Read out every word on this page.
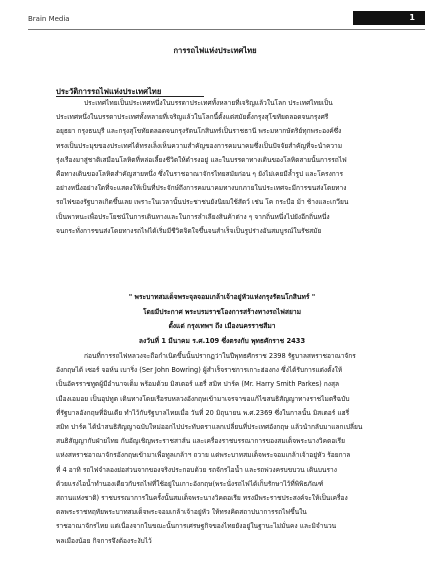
Brain Media	1
การรถไฟแห่งประเทศไทย
ประวัติการรถไฟแห่งประเทศไทย
ประเทศไทยเป็นประเทศหนึ่งในบรรดาประเทศทั้งหลายที่เจริญแล้วในโลก ประเทศไทยเป็น
ประเทศหนึ่งในบรรดาประเทศทั้งหลายที่เจริญแล้วในโลกนี้ตั้งแต่สมัยตั้งกรุงสุโขทัยตลอดจนกรุงศรี
อยุธยา กรุงธนบุรี และกรุงสุโขทัยตลอดจนกรุงรัตนโกสินทร์เป็นราชธานี พระมหากษัตริย์ทุกพระองค์ซึ่ง
ทรงเป็นประมุขของประเทศได้ทรงเล็งเห็นความสำคัญของการคมนาคมซึ่งเป็นปัจจัยสำคัญที่จะนำความ
รุ่งเรืองมาสู่ชาติเสมือนโลหิตที่หล่อเลี้ยงชีวิตให้ดำรงอยู่ และในบรรดาทางเดินของโลหิตสายนั้นการรถไฟ
คือทางเดินของโลหิตสำคัญสายหนึ่ง ซึ่งในราชอาณาจักรไทยสมัยก่อน ๆ ยังไม่เคยมีล้ำรูป และโครงการ
อย่างหนึ่งอย่างใดที่จะแสดงให้เป็นที่ประจักษ์ถึงการคมนาคมทางบกภายในประเทศจะมีการขนส่งโดยทาง
รถไฟของรัฐบาลเกิดขึ้นเลย เพราะในเวลานั้นประชาชนยังนิยมใช้สัตว์ เช่น โค กระบือ ม้า ช้างและเกวียน
เป็นพาหนะเพื่อประโยชน์ในการเดินทางและในการลำเลียงสินค้าต่าง ๆ จากถิ่นหนึ่งไปยังอีกถิ่นหนึ่ง
จนกระทั่งการขนส่งโดยทางรถไฟได้เริ่มมีชีวิตจิตใจขึ้นจนสำเร็จเป็นรูปร่างอันสมบูรณ์ในรัชสมัย
" พระบาทสมเด็จพระจุลจอมเกล้าเจ้าอยู่หัวแห่งกรุงรัตนโกสินทร์ "
โดยมีประกาศ พระบรมราชโองการสร้างทางรถไฟสยาม
ตั้งแต่ กรุงเทพฯ ถึง เมืองนครราชสีมา
ลงวันที่ 1 มีนาคม ร.ศ.109 ซึ่งตรงกับ พุทธศักราช 2433
ก่อนที่การรถไฟหลวงจะถือกำเนิดขึ้นนั้นปรากฏว่าในปีพุทธศักราช 2398 รัฐบาลสหราชอาณาจักร
อังกฤษได้ เซอร์ จอห์น เบาริ่ง (Ser John Bowring) ผู้สำเร็จราชการเกาะฮ่องกง ซึ่งได้รับการแต่งตั้งให้
เป็นอัครราชทูตผู้มีอำนาจเต็ม พร้อมด้วย มิสเตอร์ แฮรี่ สมิท ปาร์ค (Mr. Harry Smith Parkes) กงสุล
เมืองเอมอย เป็นอุปทูต เดินทางโดยเรือรบหลวงอังกฤษเข้ามาเจรจาขอแก้ไขสนธิสัญญาทางราชไมตรีฉบับ
ที่รัฐบาลอังกฤษที่อินเดีย ทำไว้กับรัฐบาลไทยเมื่อ วันที่ 20 มิถุนายน พ.ศ.2369 ซึ่งในกาลนั้น มิสเตอร์ แฮรี่
สมิท ปาร์ค ได้นำสนธิสัญญาฉบับใหม่ออกไปประทับตราแลกเปลี่ยนที่ประเทศอังกฤษ แล้วนำกลับมาแลกเปลี่ยน
สนธิสัญญากับฝ่ายไทย กับอัญเชิญพระราชสาส์น และเครื่องราชบรรณาการของสมเด็จพระนางวิคตอเรีย
แห่งสหราชอาณาจักรอังกฤษเข้ามาเพื่อทูลเกล้าฯ ถวาย แด่พระบาทสมเด็จพระจอมเกล้าเจ้าอยู่หัว ร้อยกาล
ที่ 4 อาทิ รถไฟจำลองย่อส่วนจากของจริงประกอบด้วย รถจักรไอน้ำ และรถพ่วงครบขบวน เดินบนราง
ด้วยแรงไอน้ำทำนองเดียวกับรถไฟที่ใช้อยู่ในเกาะอังกฤษ(พระนั่งรถไฟได้เก็บรักษาไว้ที่พิพิธภัณฑ์
สถานแห่งชาติ) ราชบรรณาการในครั้งนั้นสมเด็จพระนางวิคตอเรีย ทรงมีพระราชประสงค์จะให้เป็นเครื่อง
ดลพระราชหฤทัยพระบาทสมเด็จพระจอมเกล้าเจ้าอยู่หัว ให้ทรงคิดสถาปนาการรถไฟขึ้นใน
ราชอาณาจักรไทย แต่เนื่องจากในขณะนั้นการเศรษฐกิจของไทยยังอยู่ในฐานะไม่มั่นคง และมิจำนวน
พลเมืองน้อย กิจการจึงต้องระงับไว้
